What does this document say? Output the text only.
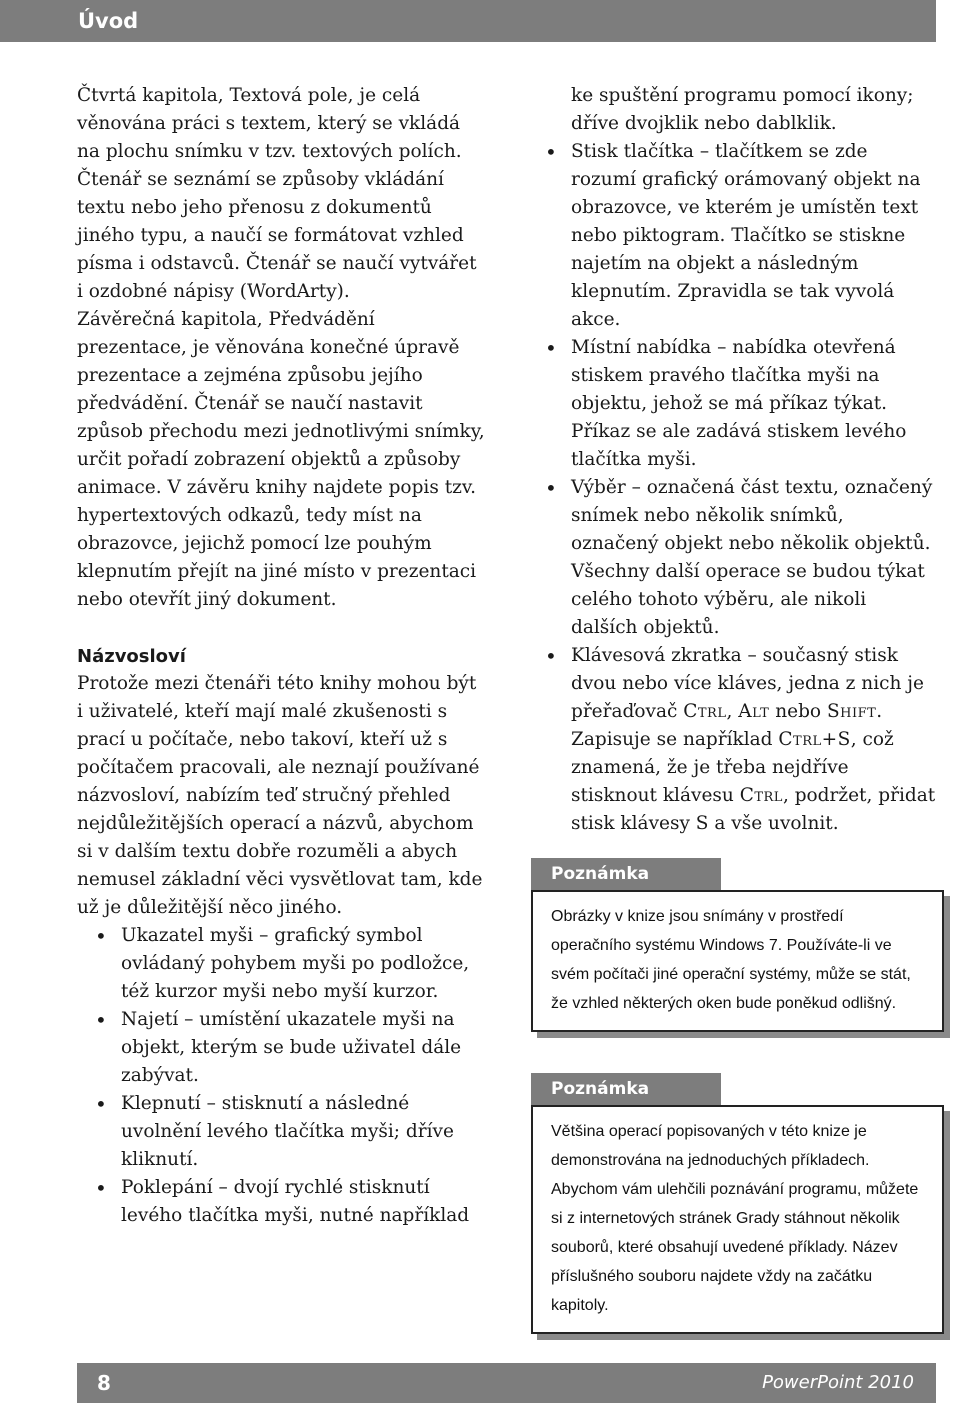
Úvod

Čtvrtá kapitola, Textová pole, je celá věnována práci s textem, který se vkládá na plochu snímku v tzv. textových polích. Čtenář se seznámí se způsoby vkládání textu nebo jeho přenosu z dokumentů jiného typu, a naučí se formátovat vzhled písma i odstavců. Čtenář se naučí vytvářet i ozdobné nápisy (WordArty).

Závěrečná kapitola, Předvádění prezentace, je věnována konečné úpravě prezentace a zejména způsobu jejího předvádění. Čtenář se naučí nastavit způsob přechodu mezi jednotlivými snímky, určit pořadí zobrazení objektů a způsoby animace. V závěru knihy najdete popis tzv. hypertextových odkazů, tedy míst na obrazovce, jejichž pomocí lze pouhým klepnutím přejít na jiné místo v prezentaci nebo otevřít jiný dokument.

Názvosloví

Protože mezi čtenáři této knihy mohou být i uživatelé, kteří mají malé zkušenosti s prací u počítače, nebo takoví, kteří už s počítačem pracovali, ale neznají používané názvosloví, nabízím teď stručný přehled nejdůležitějších operací a názvů, abychom si v dalším textu dobře rozuměli a abych nemusel základní věci vysvětlovat tam, kde už je důležitější něco jiného.

• Ukazatel myši – grafický symbol ovládaný pohybem myši po podložce, též kurzor myši nebo myší kurzor.
• Najetí – umístění ukazatele myši na objekt, kterým se bude uživatel dále zabývat.
• Klepnutí – stisknutí a následné uvolnění levého tlačítka myši; dříve kliknutí.
• Poklepání – dvojí rychlé stisknutí levého tlačítka myši, nutné například

ke spuštění programu pomocí ikony; dříve dvojklik nebo dablklik.

• Stisk tlačítka – tlačítkem se zde rozumí grafický orámovaný objekt na obrazovce, ve kterém je umístěn text nebo piktogram. Tlačítko se stiskne najetím na objekt a následným klepnutím. Zpravidla se tak vyvolá akce.
• Místní nabídka – nabídka otevřená stiskem pravého tlačítka myši na objektu, jehož se má příkaz týkat. Příkaz se ale zadává stiskem levého tlačítka myši.
• Výběr – označená část textu, označený snímek nebo několik snímků, označený objekt nebo několik objektů. Všechny další operace se budou týkat celého tohoto výběru, ale nikoli dalších objektů.
• Klávesová zkratka – současný stisk dvou nebo více kláves, jedna z nich je přeřaďovač Ctrl, Alt nebo Shift. Zapisuje se například Ctrl+S, což znamená, že je třeba nejdříve stisknout klávesu Ctrl, podržet, přidat stisk klávesy S a vše uvolnit.
Poznámka
Obrázky v knize jsou snímány v prostředí operačního systému Windows 7. Používáte-li ve svém počítači jiné operační systémy, může se stát, že vzhled některých oken bude poněkud odlišný.
Poznámka
Většina operací popisovaných v této knize je demonstrována na jednoduchých příkladech. Abychom vám ulehčili poznávání programu, můžete si z internetových stránek Grady stáhnout několik souborů, které obsahují uvedené příklady. Název příslušného souboru najdete vždy na začátku kapitoly.
8	PowerPoint 2010
